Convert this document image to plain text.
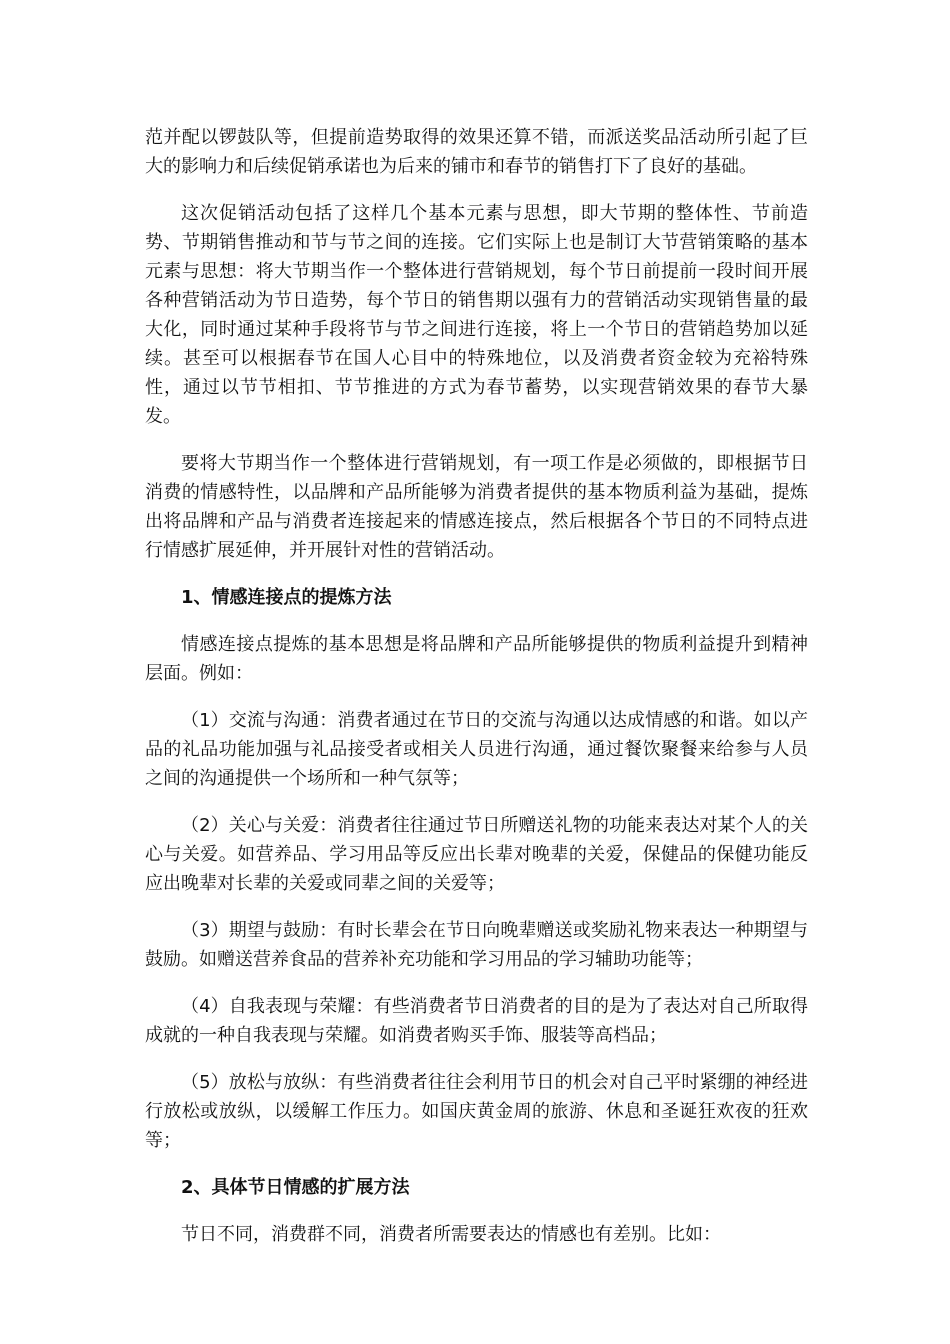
范并配以锣鼓队等，但提前造势取得的效果还算不错，而派送奖品活动所引起了巨大的影响力和后续促销承诺也为后来的铺市和春节的销售打下了良好的基础。

这次促销活动包括了这样几个基本元素与思想，即大节期的整体性、节前造势、节期销售推动和节与节之间的连接。它们实际上也是制订大节营销策略的基本元素与思想：将大节期当作一个整体进行营销规划，每个节日前提前一段时间开展各种营销活动为节日造势，每个节日的销售期以强有力的营销活动实现销售量的最大化，同时通过某种手段将节与节之间进行连接，将上一个节日的营销趋势加以延续。甚至可以根据春节在国人心目中的特殊地位，以及消费者资金较为充裕特殊性，通过以节节相扣、节节推进的方式为春节蓄势，以实现营销效果的春节大暴发。

要将大节期当作一个整体进行营销规划，有一项工作是必须做的，即根据节日消费的情感特性，以品牌和产品所能够为消费者提供的基本物质利益为基础，提炼出将品牌和产品与消费者连接起来的情感连接点，然后根据各个节日的不同特点进行情感扩展延伸，并开展针对性的营销活动。

1、情感连接点的提炼方法

情感连接点提炼的基本思想是将品牌和产品所能够提供的物质利益提升到精神层面。例如：

（1）交流与沟通：消费者通过在节日的交流与沟通以达成情感的和谐。如以产品的礼品功能加强与礼品接受者或相关人员进行沟通，通过餐饮聚餐来给参与人员之间的沟通提供一个场所和一种气氛等；

（2）关心与关爱：消费者往往通过节日所赠送礼物的功能来表达对某个人的关心与关爱。如营养品、学习用品等反应出长辈对晚辈的关爱，保健品的保健功能反应出晚辈对长辈的关爱或同辈之间的关爱等；

（3）期望与鼓励：有时长辈会在节日向晚辈赠送或奖励礼物来表达一种期望与鼓励。如赠送营养食品的营养补充功能和学习用品的学习辅助功能等；

（4）自我表现与荣耀：有些消费者节日消费者的目的是为了表达对自己所取得成就的一种自我表现与荣耀。如消费者购买手饰、服装等高档品；

（5）放松与放纵：有些消费者往往会利用节日的机会对自己平时紧绷的神经进行放松或放纵，以缓解工作压力。如国庆黄金周的旅游、休息和圣诞狂欢夜的狂欢等；

2、具体节日情感的扩展方法

节日不同，消费群不同，消费者所需要表达的情感也有差别。比如：
